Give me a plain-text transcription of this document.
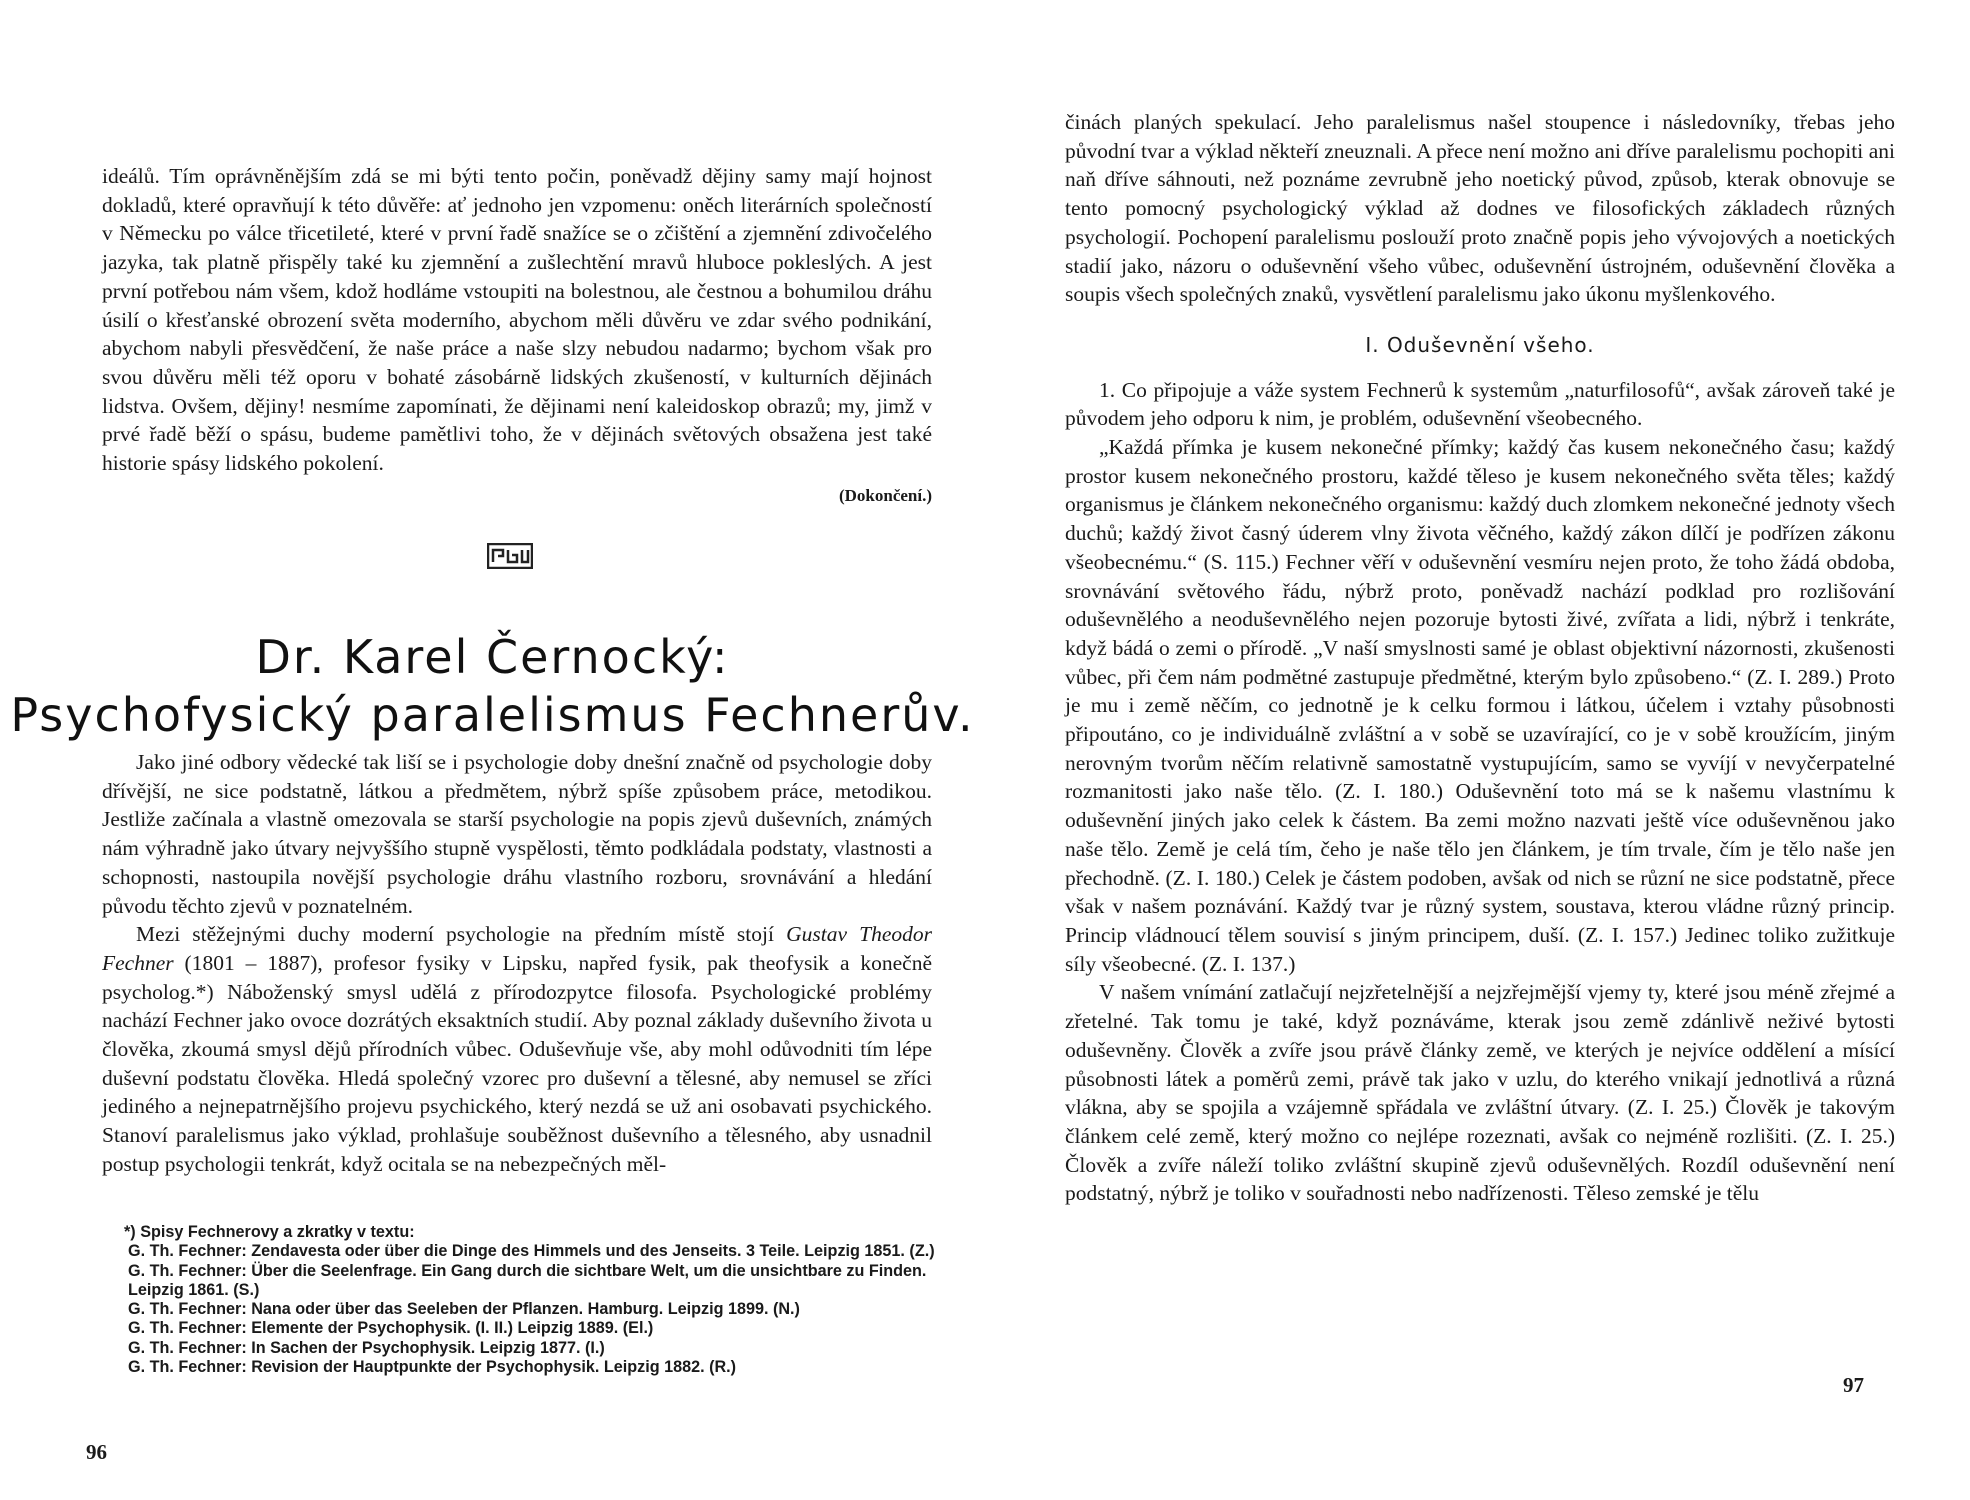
ideálů. Tím oprávněnějším zdá se mi býti tento počin, poněvadž dějiny samy mají hojnost dokladů, které opravňují k této důvěře: ať jednoho jen vzpomenu: oněch literárních společností v Německu po válce třicetileté, které v první řadě snažíce se o zčištění a zjemnění zdivočelého jazyka, tak platně přispěly také ku zjemnění a zušlechtění mravů hluboce pokleslých. A jest první potřebou nám všem, kdož hodláme vstoupiti na bolestnou, ale čestnou a bohumilou dráhu úsilí o křesťanské obrození světa moderního, abychom měli důvěru ve zdar svého podnikání, abychom nabyli přesvědčení, že naše práce a naše slzy nebudou nadarmo; bychom však pro svou důvěru měli též oporu v bohaté zásobárně lidských zkušeností, v kulturních dějinách lidstva. Ovšem, dějiny! nesmíme zapomínati, že dějinami není kaleidoskop obrazů; my, jimž v prvé řadě běží o spásu, budeme pamětlivi toho, že v dějinách světových obsažena jest také historie spásy lidského pokolení.

(Dokončení.)
Dr. Karel Černocký:
Psychofysický paralelismus Fechnerův.

Jako jiné odbory vědecké tak liší se i psychologie doby dnešní značně od psychologie doby dřívější, ne sice podstatně, látkou a předmětem, nýbrž spíše způsobem práce, metodikou. Jestliže začínala a vlastně omezovala se starší psychologie na popis zjevů duševních, známých nám výhradně jako útvary nejvyššího stupně vyspělosti, těmto podkládala podstaty, vlastnosti a schopnosti, nastoupila novější psychologie dráhu vlastního rozboru, srovnávání a hledání původu těchto zjevů v poznatelném.

Mezi stěžejnými duchy moderní psychologie na předním místě stojí Gustav Theodor Fechner (1801 – 1887), profesor fysiky v Lipsku, napřed fysik, pak theofysik a konečně psycholog.*) Náboženský smysl udělá z přírodozpytce filosofa. Psychologické problémy nachází Fechner jako ovoce dozrátých eksaktních studií. Aby poznal základy duševního života u člověka, zkoumá smysl dějů přírodních vůbec. Oduševňuje vše, aby mohl odůvodniti tím lépe duševní podstatu člověka. Hledá společný vzorec pro duševní a tělesné, aby nemusel se zříci jediného a nejnepatrnějšího projevu psychického, který nezdá se už ani osobavati psychického. Stanoví paralelismus jako výklad, prohlašuje souběžnost duševního a tělesného, aby usnadnil postup psychologii tenkrát, když ocitala se na nebezpečných měl-

*) Spisy Fechnerovy a zkratky v textu:
G. Th. Fechner: Zendavesta oder über die Dinge des Himmels und des Jenseits. 3 Teile. Leipzig 1851. (Z.)
G. Th. Fechner: Über die Seelenfrage. Ein Gang durch die sichtbare Welt, um die unsichtbare zu Finden. Leipzig 1861. (S.)
G. Th. Fechner: Nana oder über das Seeleben der Pflanzen. Hamburg. Leipzig 1899. (N.)
G. Th. Fechner: Elemente der Psychophysik. (I. II.) Leipzig 1889. (El.)
G. Th. Fechner: In Sachen der Psychophysik. Leipzig 1877. (I.)
G. Th. Fechner: Revision der Hauptpunkte der Psychophysik. Leipzig 1882. (R.)
96

činách planých spekulací. Jeho paralelismus našel stoupence i následovníky, třebas jeho původní tvar a výklad někteří zneuznali. A přece není možno ani dříve paralelismu pochopiti ani naň dříve sáhnouti, než poznáme zevrubně jeho noetický původ, způsob, kterak obnovuje se tento pomocný psychologický výklad až dodnes ve filosofických základech různých psychologií. Pochopení paralelismu poslouží proto značně popis jeho vývojových a noetických stadií jako, názoru o oduševnění všeho vůbec, oduševnění ústrojném, oduševnění člověka a soupis všech společných znaků, vysvětlení paralelismu jako úkonu myšlenkového.

I. Oduševnění všeho.

1. Co připojuje a váže system Fechnerů k systemům „naturfilosofů“, avšak zároveň také je původem jeho odporu k nim, je problém, oduševnění všeobecného.

„Každá přímka je kusem nekonečné přímky; každý čas kusem nekonečného času; každý prostor kusem nekonečného prostoru, každé těleso je kusem nekonečného světa těles; každý organismus je článkem nekonečného organismu: každý duch zlomkem nekonečné jednoty všech duchů; každý život časný úderem vlny života věčného, každý zákon dílčí je podřízen zákonu všeobecnému.“ (S. 115.) Fechner věří v oduševnění vesmíru nejen proto, že toho žádá obdoba, srovnávání světového řádu, nýbrž proto, poněvadž nachází podklad pro rozlišování oduševnělého a neoduševnělého nejen pozoruje bytosti živé, zvířata a lidi, nýbrž i tenkráte, když bádá o zemi o přírodě. „V naší smyslnosti samé je oblast objektivní názornosti, zkušenosti vůbec, při čem nám podmětné zastupuje předmětné, kterým bylo způsobeno.“ (Z. I. 289.) Proto je mu i země něčím, co jednotně je k celku formou i látkou, účelem i vztahy působnosti připoutáno, co je individuálně zvláštní a v sobě se uzavírající, co je v sobě kroužícím, jiným nerovným tvorům něčím relativně samostatně vystupujícím, samo se vyvíjí v nevyčerpatelné rozmanitosti jako naše tělo. (Z. I. 180.) Oduševnění toto má se k našemu vlastnímu k oduševnění jiných jako celek k částem. Ba zemi možno nazvati ještě více oduševněnou jako naše tělo. Země je celá tím, čeho je naše tělo jen článkem, je tím trvale, čím je tělo naše jen přechodně. (Z. I. 180.) Celek je částem podoben, avšak od nich se různí ne sice podstatně, přece však v našem poznávání. Každý tvar je různý system, soustava, kterou vládne různý princip. Princip vládnoucí tělem souvisí s jiným principem, duší. (Z. I. 157.) Jedinec toliko zužitkuje síly všeobecné. (Z. I. 137.)

V našem vnímání zatlačují nejzřetelnější a nejzřejmější vjemy ty, které jsou méně zřejmé a zřetelné. Tak tomu je také, když poznáváme, kterak jsou země zdánlivě neživé bytosti oduševněny. Člověk a zvíře jsou právě články země, ve kterých je nejvíce oddělení a mísící působnosti látek a poměrů zemi, právě tak jako v uzlu, do kterého vnikají jednotlivá a různá vlákna, aby se spojila a vzájemně spřádala ve zvláštní útvary. (Z. I. 25.) Člověk je takovým článkem celé země, který možno co nejlépe rozeznati, avšak co nejméně rozlišiti. (Z. I. 25.) Člověk a zvíře náleží toliko zvláštní skupině zjevů oduševnělých. Rozdíl oduševnění není podstatný, nýbrž je toliko v souřadnosti nebo nadřízenosti. Těleso zemské je tělu

97
